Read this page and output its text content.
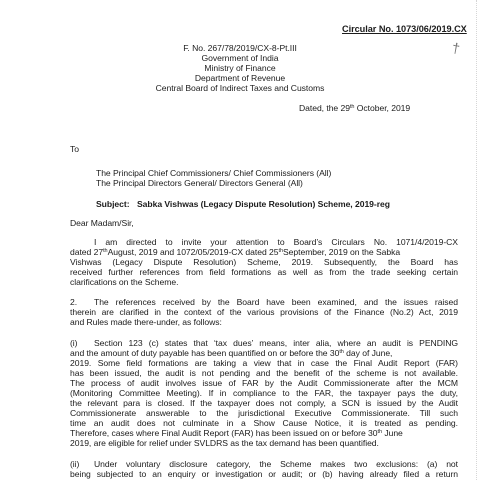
†
Circular No. 1073/06/2019.CX
F. No. 267/78/2019/CX-8-Pt.III
Government of India
Ministry of Finance
Department of Revenue
Central Board of Indirect Taxes and Customs
Dated, the 29th October, 2019
To
The Principal Chief Commissioners/ Chief Commissioners (All)
The Principal Directors General/ Directors General (All)
Subject: Sabka Vishwas (Legacy Dispute Resolution) Scheme, 2019-reg
Dear Madam/Sir,
I am directed to invite your attention to Board’s Circulars No. 1071/4/2019-CX
dated 27thAugust, 2019 and 1072/05/2019-CX dated 25thSeptember, 2019 on the Sabka
Vishwas (Legacy Dispute Resolution) Scheme, 2019. Subsequently, the Board has
received further references from field formations as well as from the trade seeking certain
clarifications on the Scheme.
2. The references received by the Board have been examined, and the issues raised
therein are clarified in the context of the various provisions of the Finance (No.2) Act, 2019
and Rules made there-under, as follows:
(i) Section 123 (c) states that ‘tax dues’ means, inter alia, where an audit is PENDING
and the amount of duty payable has been quantified on or before the 30th day of June,
2019. Some field formations are taking a view that in case the Final Audit Report (FAR)
has been issued, the audit is not pending and the benefit of the scheme is not available.
The process of audit involves issue of FAR by the Audit Commissionerate after the MCM
(Monitoring Committee Meeting). If in compliance to the FAR, the taxpayer pays the duty,
the relevant para is closed. If the taxpayer does not comply, a SCN is issued by the Audit
Commissionerate answerable to the jurisdictional Executive Commissionerate. Till such
time an audit does not culminate in a Show Cause Notice, it is treated as pending.
Therefore, cases where Final Audit Report (FAR) has been issued on or before 30th June
2019, are eligible for relief under SVLDRS as the tax demand has been quantified.
(ii) Under voluntary disclosure category, the Scheme makes two exclusions: (a) not
being subjected to an enquiry or investigation or audit; or (b) having already filed a return
